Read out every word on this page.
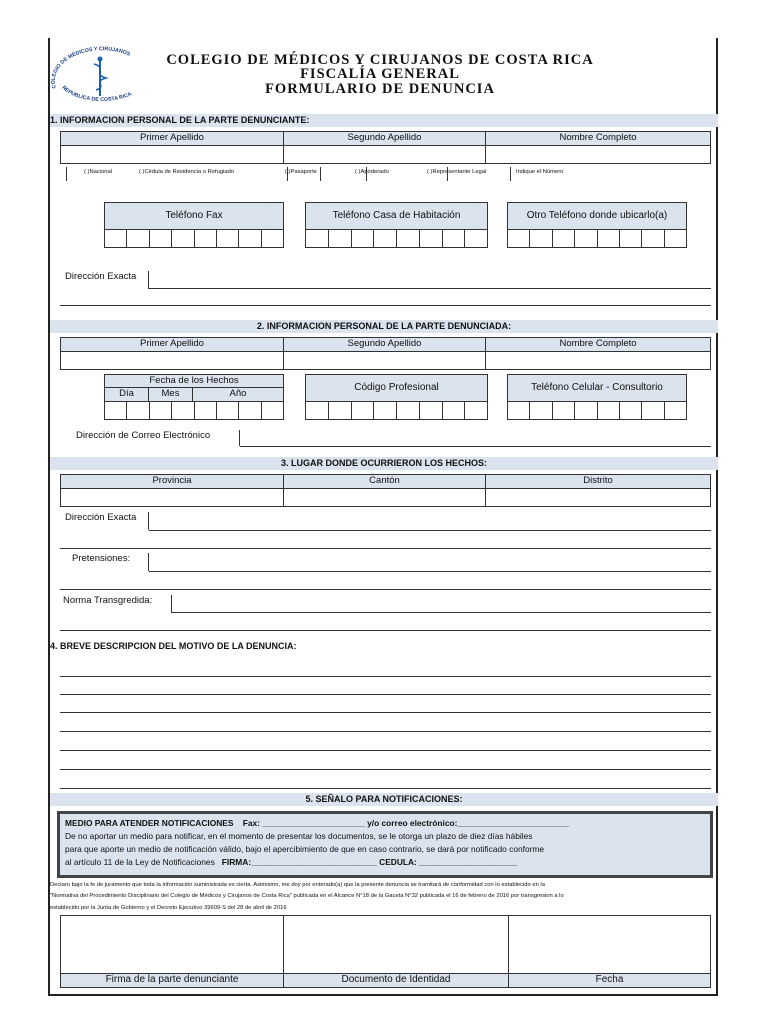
COLEGIO DE MEDICOS Y CIRUJANOS
REPUBLICA DE COSTA RICA
COLEGIO DE MÉDICOS Y CIRUJANOS DE COSTA RICA
FISCALÍA GENERAL
FORMULARIO DE DENUNCIA
1. INFORMACION PERSONAL DE LA PARTE DENUNCIANTE:
Primer Apellido	Segundo Apellido	Nombre Completo
( )Nacional	( )Cédula de Residencia o Refugiado	( )Pasaporte	( )Apoderado	( )Representante Legal	Indique el Número
Teléfono Fax	Teléfono Casa de Habitación	Otro Teléfono donde ubicarlo(a)
Dirección Exacta
2. INFORMACION PERSONAL DE LA PARTE DENUNCIADA:
Primer Apellido	Segundo Apellido	Nombre Completo
Fecha de los Hechos
Día	Mes	Año
Código Profesional	Teléfono Celular - Consultorio
Dirección de Correo Electrónico
3. LUGAR DONDE OCURRIERON LOS HECHOS:
Provincia	Cantón	Distrito
Dirección Exacta
Pretensiones:
Norma Transgredida:
4. BREVE DESCRIPCION DEL MOTIVO DE LA DENUNCIA:
5. SEÑALO PARA NOTIFICACIONES:
MEDIO PARA ATENDER NOTIFICACIONES Fax: ______________________ y/o correo electrónico:________________________
De no aportar un medio para notificar, en el momento de presentar los documentos, se le otorga un plazo de diez días hábiles
para que aporte un medio de notificación válido, bajo el apercibimiento de que en caso contrario, se dará por notificado conforme
al artículo 11 de la Ley de Notificaciones FIRMA:___________________________ CEDULA: _____________________
Declaro bajo la fe de juramento que toda la información suministrada es cierta. Asimismo, me doy por enterado(a) que la presente denuncia se tramitará de conformidad con lo establecido en la
"Normativa del Procedimiento Disciplinario del Colegio de Médicos y Cirujanos de Costa Rica" publicada en el Alcance N°18 de la Gaceta N°32 publicada el 16 de febrero de 2016 por transgresion a lo
establecido por la Junta de Gobierno y el Decreto Ejecutivo 39609-S del 28 de abril de 2016
Firma de la parte denunciante	Documento de Identidad	Fecha
